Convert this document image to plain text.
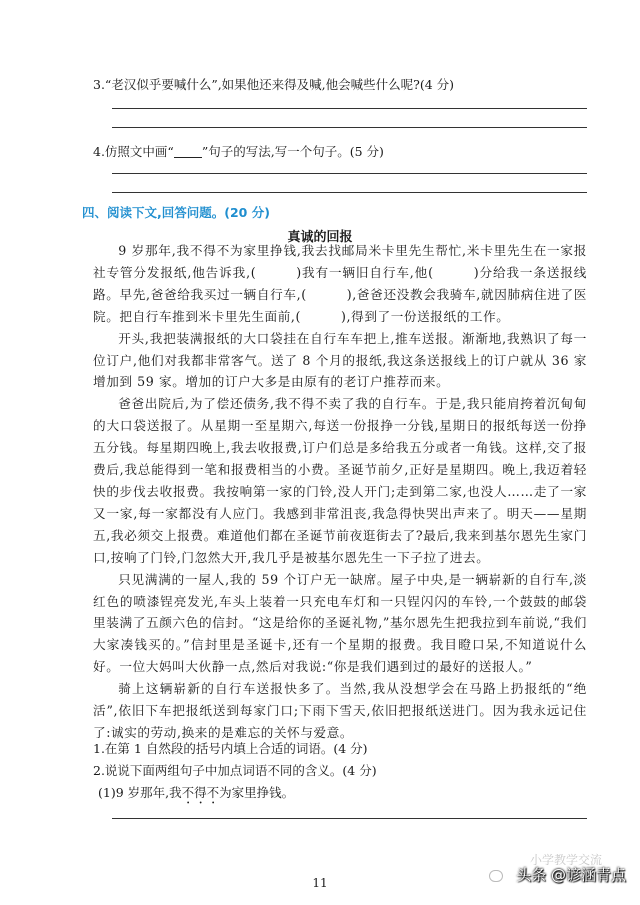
3.“老汉似乎要喊什么”,如果他还来得及喊,他会喊些什么呢?(4 分)
4.仿照文中画“ ”句子的写法,写一个句子。(5 分)
四、阅读下文,回答问题。(20 分)
真诚的回报

9 岁那年,我不得不为家里挣钱,我去找邮局米卡里先生帮忙,米卡里先生在一家报社专管分发报纸,他告诉我,(	)我有一辆旧自行车,他(	)分给我一条送报线路。早先,爸爸给我买过一辆自行车,(	),爸爸还没教会我骑车,就因肺病住进了医院。把自行车推到米卡里先生面前,(	),得到了一份送报纸的工作。

开头,我把装满报纸的大口袋挂在自行车车把上,推车送报。渐渐地,我熟识了每一位订户,他们对我都非常客气。送了 8 个月的报纸,我这条送报线上的订户就从 36 家增加到 59 家。增加的订户大多是由原有的老订户推荐而来。

爸爸出院后,为了偿还债务,我不得不卖了我的自行车。于是,我只能肩挎着沉甸甸的大口袋送报了。从星期一至星期六,每送一份报挣一分钱,星期日的报纸每送一份挣五分钱。每星期四晚上,我去收报费,订户们总是多给我五分或者一角钱。这样,交了报费后,我总能得到一笔和报费相当的小费。圣诞节前夕,正好是星期四。晚上,我迈着轻快的步伐去收报费。我按响第一家的门铃,没人开门;走到第二家,也没人……走了一家又一家,每一家都没有人应门。我感到非常沮丧,我急得快哭出声来了。明天——星期五,我必须交上报费。难道他们都在圣诞节前夜逛街去了?最后,我来到基尔恩先生家门口,按响了门铃,门忽然大开,我几乎是被基尔恩先生一下子拉了进去。

只见满满的一屋人,我的 59 个订户无一缺席。屋子中央,是一辆崭新的自行车,淡红色的喷漆锃亮发光,车头上装着一只充电车灯和一只锃闪闪的车铃,一个鼓鼓的邮袋里装满了五颜六色的信封。“这是给你的圣诞礼物,”基尔恩先生把我拉到车前说,“我们大家凑钱买的。”信封里是圣诞卡,还有一个星期的报费。我目瞪口呆,不知道说什么好。一位大妈叫大伙静一点,然后对我说:“你是我们遇到过的最好的送报人。”

骑上这辆崭新的自行车送报快多了。当然,我从没想学会在马路上扔报纸的“绝活”,依旧下车把报纸送到每家门口;下雨下雪天,依旧把报纸送进门。因为我永远记住了:诚实的劳动,换来的是难忘的关怀与爱意。

1.在第 1 自然段的括号内填上合适的词语。(4 分)
2.说说下面两组句子中加点词语不同的含义。(4 分)
(1)9 岁那年,我不得不为家里挣钱。
11
小学教学交流
头条 @谚涵青点
